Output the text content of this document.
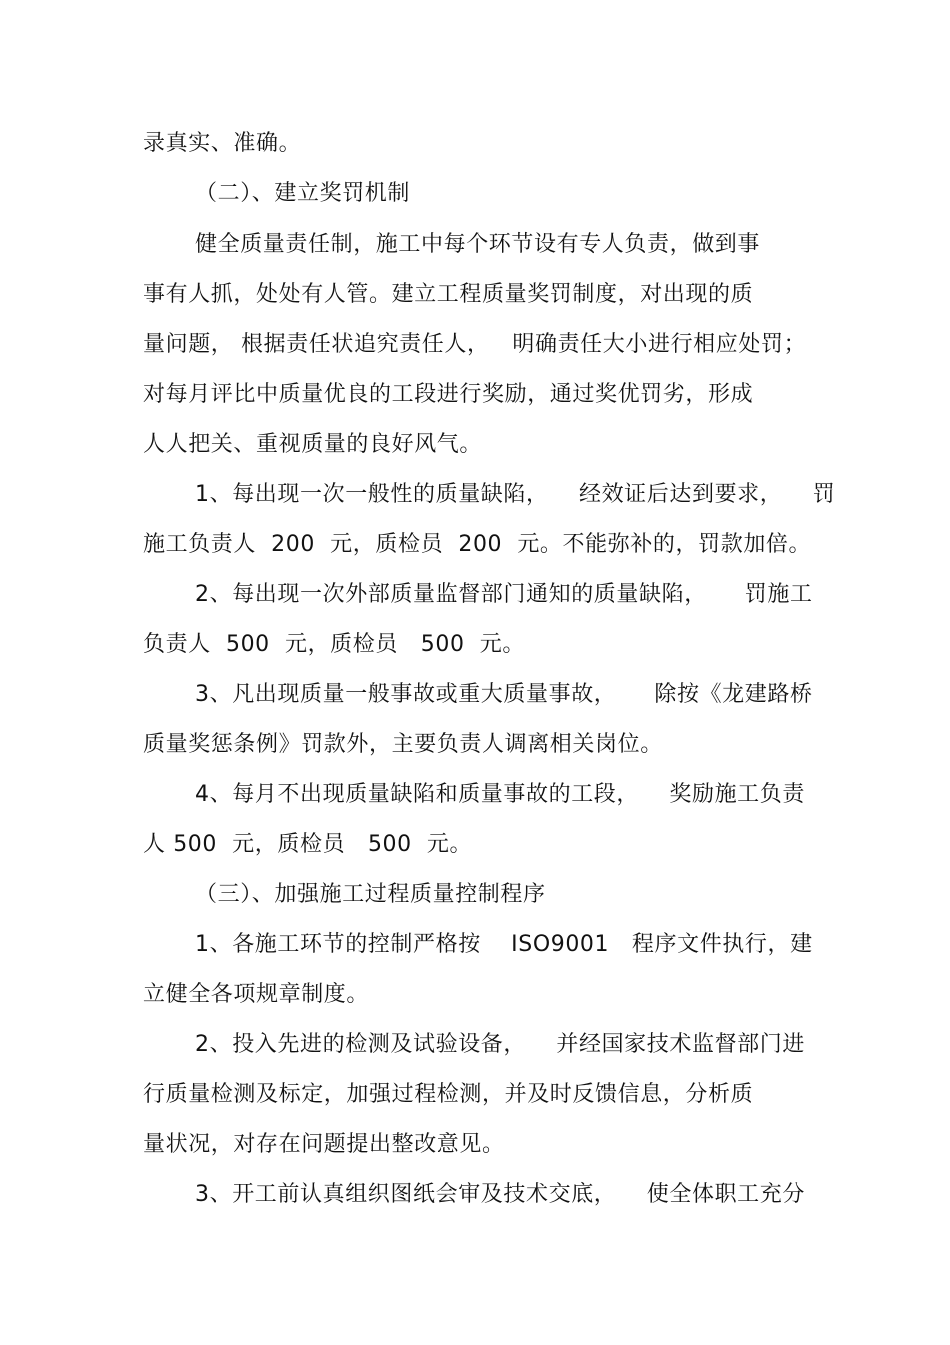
录真实、准确。
（二）、建立奖罚机制
健全质量责任制，施工中每个环节设有专人负责，做到事
事有人抓，处处有人管。建立工程质量奖罚制度，对出现的质
量问题， 根据责任状追究责任人，   明确责任大小进行相应处罚；
对每月评比中质量优良的工段进行奖励，通过奖优罚劣，形成
人人把关、重视质量的良好风气。
1、每出现一次一般性的质量缺陷，    经效证后达到要求，    罚
施工负责人  200  元，质检员  200  元。不能弥补的，罚款加倍。
2、每出现一次外部质量监督部门通知的质量缺陷，     罚施工
负责人  500  元，质检员   500  元。
3、凡出现质量一般事故或重大质量事故，     除按《龙建路桥
质量奖惩条例》罚款外，主要负责人调离相关岗位。
4、每月不出现质量缺陷和质量事故的工段，    奖励施工负责
人 500  元，质检员   500  元。
（三）、加强施工过程质量控制程序
1、各施工环节的控制严格按    ISO9001   程序文件执行，建
立健全各项规章制度。
2、投入先进的检测及试验设备，    并经国家技术监督部门进
行质量检测及标定，加强过程检测，并及时反馈信息，分析质
量状况，对存在问题提出整改意见。
3、开工前认真组织图纸会审及技术交底，    使全体职工充分
